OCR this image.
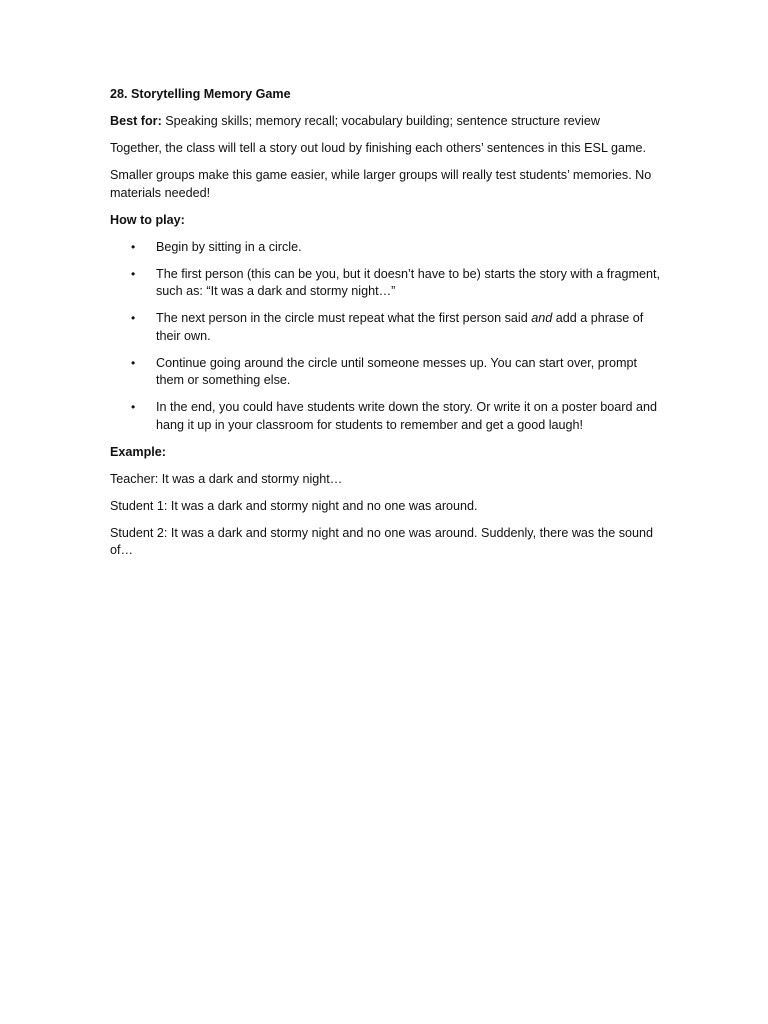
28. Storytelling Memory Game

Best for: Speaking skills; memory recall; vocabulary building; sentence structure review

Together, the class will tell a story out loud by finishing each others’ sentences in this ESL game.

Smaller groups make this game easier, while larger groups will really test students’ memories. No materials needed!

How to play:

• Begin by sitting in a circle.
• The first person (this can be you, but it doesn’t have to be) starts the story with a fragment, such as: “It was a dark and stormy night…”
• The next person in the circle must repeat what the first person said and add a phrase of their own.
• Continue going around the circle until someone messes up. You can start over, prompt them or something else.
• In the end, you could have students write down the story. Or write it on a poster board and hang it up in your classroom for students to remember and get a good laugh!

Example:

Teacher: It was a dark and stormy night…

Student 1: It was a dark and stormy night and no one was around.

Student 2: It was a dark and stormy night and no one was around. Suddenly, there was the sound of…
